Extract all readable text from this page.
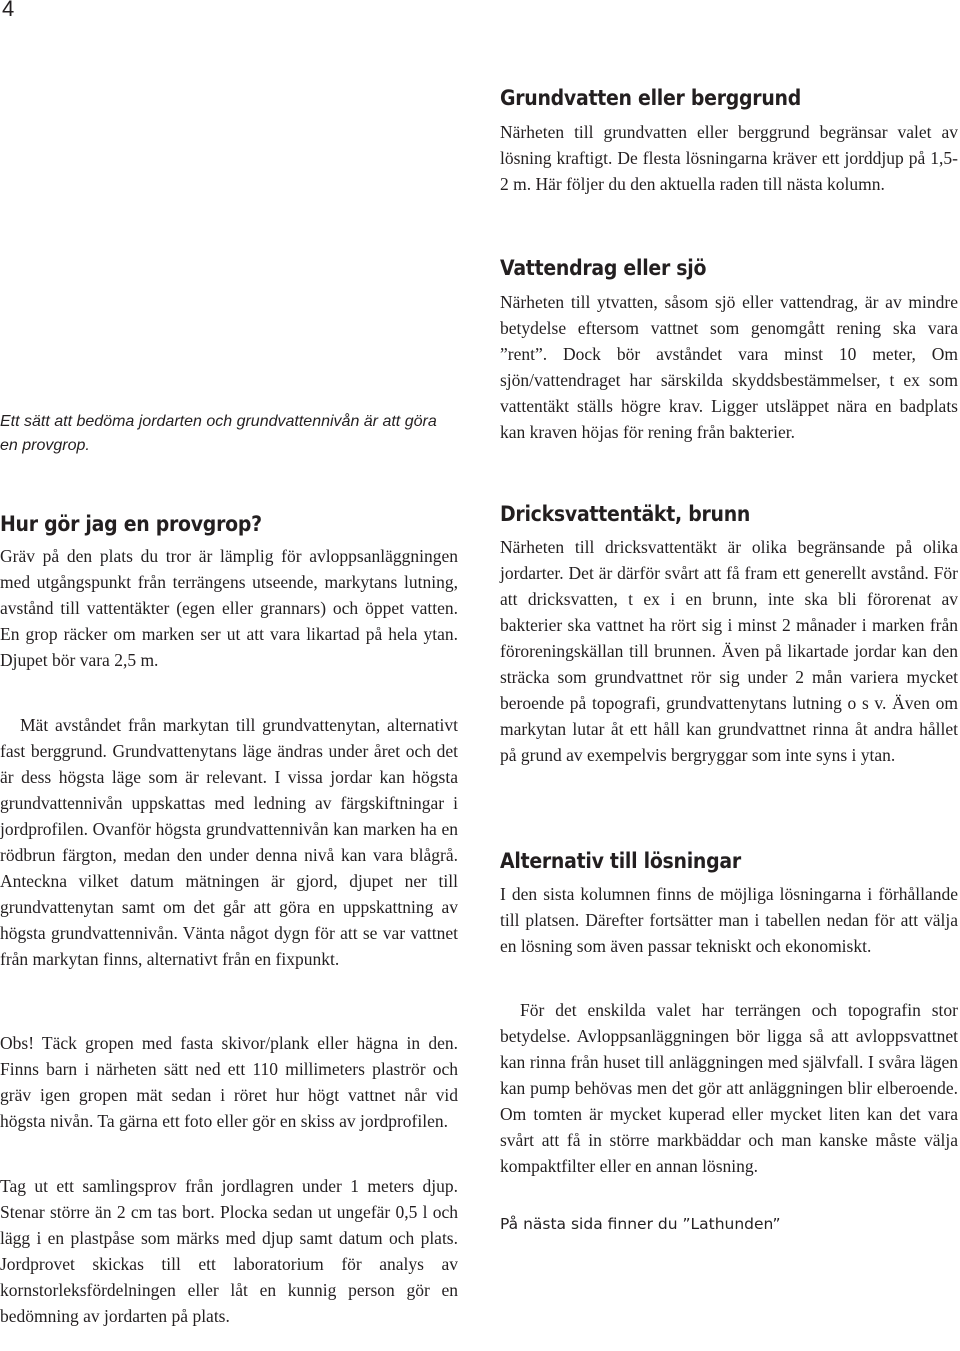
4

Ett sätt att bedöma jordarten och grundvattennivån är att göra en provgrop.

Hur gör jag en provgrop?

Gräv på den plats du tror är lämplig för avloppsanläggningen med utgångspunkt från terrängens utseende, markytans lutning, avstånd till vattentäkter (egen eller grannars) och öppet vatten. En grop räcker om marken ser ut att vara likartad på hela ytan. Djupet bör vara 2,5 m.

Mät avståndet från markytan till grundvattenytan, alternativt fast berggrund. Grundvattenytans läge ändras under året och det är dess högsta läge som är relevant. I vissa jordar kan högsta grundvattennivån uppskattas med ledning av färgskiftningar i jordprofilen. Ovanför högsta grundvattennivån kan marken ha en rödbrun färgton, medan den under denna nivå kan vara blågrå. Anteckna vilket datum mätningen är gjord, djupet ner till grundvattenytan samt om det går att göra en uppskattning av högsta grundvattennivån. Vänta något dygn för att se var vattnet från markytan finns, alternativt från en fixpunkt.

Obs! Täck gropen med fasta skivor/plank eller hägna in den. Finns barn i närheten sätt ned ett 110 millimeters plaströr och gräv igen gropen mät sedan i röret hur högt vattnet når vid högsta nivån. Ta gärna ett foto eller gör en skiss av jordprofilen.

Tag ut ett samlingsprov från jordlagren under 1 meters djup. Stenar större än 2 cm tas bort. Plocka sedan ut ungefär 0,5 l och lägg i en plastpåse som märks med djup samt datum och plats. Jordprovet skickas till ett laboratorium för analys av kornstorleksfördelningen eller låt en kunnig person gör en bedömning av jordarten på plats.

Grundvatten eller berggrund

Närheten till grundvatten eller berggrund begränsar valet av lösning kraftigt. De flesta lösningarna kräver ett jorddjup på 1,5-2 m. Här följer du den aktuella raden till nästa kolumn.

Vattendrag eller sjö

Närheten till ytvatten, såsom sjö eller vattendrag, är av mindre betydelse eftersom vattnet som genomgått rening ska vara ”rent”. Dock bör avståndet vara minst 10 meter, Om sjön/vattendraget har särskilda skyddsbestämmelser, t ex som vattentäkt ställs högre krav. Ligger utsläppet nära en badplats kan kraven höjas för rening från bakterier.

Dricksvattentäkt, brunn

Närheten till dricksvattentäkt är olika begränsande på olika jordarter. Det är därför svårt att få fram ett generellt avstånd. För att dricksvatten, t ex i en brunn, inte ska bli förorenat av bakterier ska vattnet ha rört sig i minst 2 månader i marken från föroreningskällan till brunnen. Även på likartade jordar kan den sträcka som grundvattnet rör sig under 2 mån variera mycket beroende på topografi, grundvattenytans lutning o s v. Även om markytan lutar åt ett håll kan grundvattnet rinna åt andra hållet på grund av exempelvis bergryggar som inte syns i ytan.

Alternativ till lösningar

I den sista kolumnen finns de möjliga lösningarna i förhållande till platsen. Därefter fortsätter man i tabellen nedan för att välja en lösning som även passar tekniskt och ekonomiskt.

För det enskilda valet har terrängen och topografin stor betydelse. Avloppsanläggningen bör ligga så att avloppsvattnet kan rinna från huset till anläggningen med självfall. I svåra lägen kan pump behövas men det gör att anläggningen blir elberoende. Om tomten är mycket kuperad eller mycket liten kan det vara svårt att få in större markbäddar och man kanske måste välja kompaktfilter eller en annan lösning.

På nästa sida finner du ”Lathunden”
